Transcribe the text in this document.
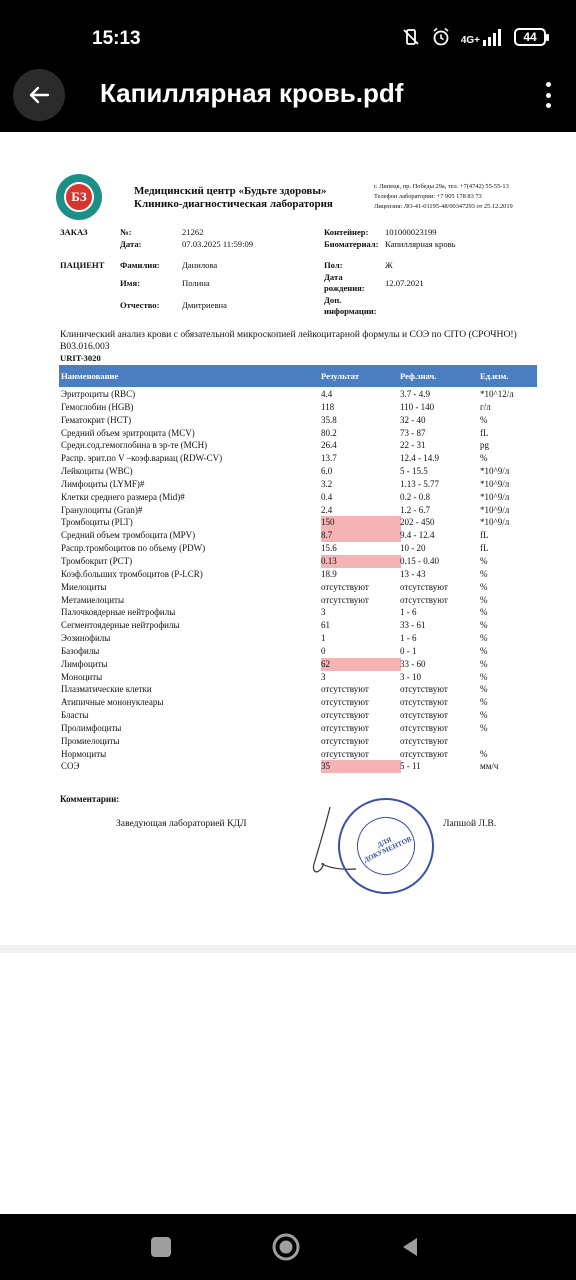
15:13	4G+	44
Капиллярная кровь.pdf
БЗ	Медицинский центр «Будьте здоровы»
Клинико-диагностическая лаборатория
г. Липецк, пр. Победы 29а, тел. +7(4742) 55-55-13
Телефон лаборатории: +7 905 178 83 73
Лицензия: ЛО-41-01195-48/00347293 от 25.12.2019
ЗАКАЗ	№:	21262
Дата:	07.03.2025 11:59:09
Контейнер: 101000023199
Биоматериал: Капиллярная кровь
ПАЦИЕНТ Фамилия:	Данилова
Имя:	Полина
Отчество:	Дмитриевна
Пол:	Ж
Дата
рождения: 12.07.2021
Доп.
информации:
Клинический анализ крови с обязательной микроскопией лейкоцитарной формулы и СОЭ по CITO (СРОЧНО!) В03.016.003
URIT-3020
Наименование	Результат	Реф.знач.	Ед.изм.
Эритроциты (RBC)	4.4	3.7 - 4.9	*10^12/л
Гемоглобин (HGB)	118	110 - 140	г/л
Гематокрит (HCT)	35.8	32 - 40	%
Средний объем эритроцита (MCV)	80.2	73 - 87	fL
Средн.сод.гемоглобина в эр-те (MCH)	26.4	22 - 31	pg
Распр. эрит.по V –коэф.вариац (RDW-CV)	13.7	12.4 - 14.9	%
Лейкоциты (WBC)	6.0	5 - 15.5	*10^9/л
Лимфоциты (LYMF)#	3.2	1.13 - 5.77	*10^9/л
Клетки среднего размера (Mid)#	0.4	0.2 - 0.8	*10^9/л
Гранулоциты (Gran)#	2.4	1.2 - 6.7	*10^9/л
Тромбоциты (PLT)	150	202 - 450	*10^9/л
Средний объем тромбоцита (MPV)	8.7	9.4 - 12.4	fL
Распр.тромбоцитов по объему (PDW)	15.6	10 - 20	fL
Тромбокрит (PCT)	0.13	0.15 - 0.40	%
Коэф.больших тромбоцитов (P-LCR)	18.9	13 - 43	%
Миелоциты	отсутствуют	отсутствуют	%
Метамиелоциты	отсутствуют	отсутствуют	%
Палочкоядерные нейтрофилы	3	1 - 6	%
Сегментоядерные нейтрофилы	61	33 - 61	%
Эозинофилы	1	1 - 6	%
Базофилы	0	0 - 1	%
Лимфоциты	62	33 - 60	%
Моноциты	3	3 - 10	%
Плазматические клетки	отсутствуют	отсутствуют	%
Атипичные мононуклеары	отсутствуют	отсутствуют	%
Бласты	отсутствуют	отсутствуют	%
Пролимфоциты	отсутствуют	отсутствуют	%
Промиелоциты	отсутствуют	отсутствуют
Нормоциты	отсутствуют	отсутствуют	%
СОЭ	35	5 - 11	мм/ч
Комментарии:
Заведующая лабораторией КДЛ
ДЛЯ ДОКУМЕНТОВ
Лапшой Л.В.
